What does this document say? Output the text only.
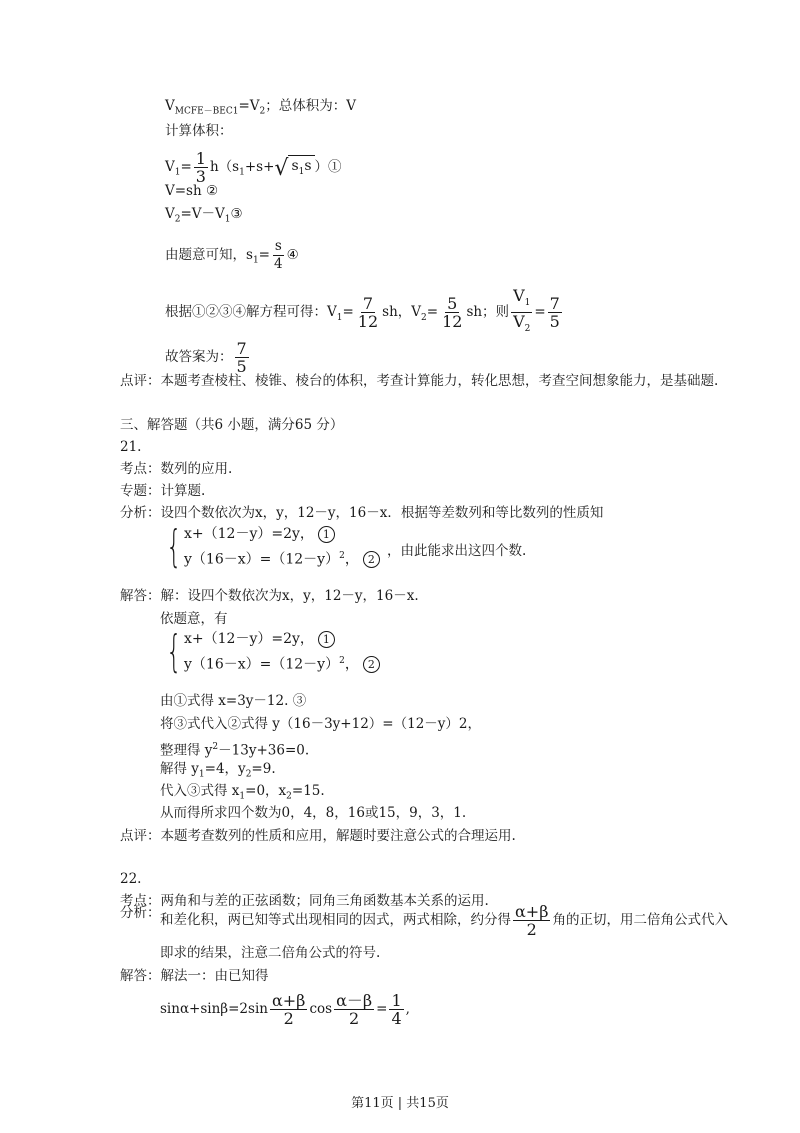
$V_{MCFE-BEC1}=V_2$；总体积为：V
计算体积：
$V_1= \frac{1}{3} h(s_1+s+$ √ $s_1s$ ）①
V=sh ②
$V_2=V-V_1③$
由题意可知，$s_1= \frac{s}{4}$ ④
根据①②③④解方程可得：$V_1= \frac{7}{12}$ sh，$V_2= \frac{5}{12}$ sh；则 $\frac{V_1}{V_2} = \frac{7}{5}$
故答案为： $\frac{7}{5}$
点评：本题考查棱柱、棱锥、棱台的体积，考查计算能力，转化思想，考查空间想象能力，是基础题.
三、解答题（共6 小题，满分65 分）
21.
考点：数列的应用.
专题：计算题.
分析：设四个数依次为x，y，12－y，16－x．根据等差数列和等比数列的性质知
{ x+（12－y）=2y， 1
$y(16-x)=(12-y)^2$， 2
，由此能求出这四个数.
解答：解：设四个数依次为x，y，12－y，16－x.
依题意，有
{ x+（12－y）=2y， 1
$y(16-x)=(12-y)^2$， 2
由①式得 x=3y－12. ③
将③式代入②式得 y（16－3y+12）=（12－y）2，
整理得 $y^2-13y+36=0$.
解得 $y_1=4$，$y_2=9$.
代入③式得 $x_1=0$，$x_2=15$.
从而得所求四个数为0，4，8，16或15，9，3，1.
点评：本题考查数列的性质和应用，解题时要注意公式的合理运用.
22.
考点：两角和与差的正弦函数；同角三角函数基本关系的运用.
分析： 和差化积，两已知等式出现相同的因式，两式相除，约分得 $\frac{\alpha+\beta}{2}$ 角的正切，用二倍角公式代入
即求的结果，注意二倍角公式的符号.
解答：解法一：由已知得
$\sin\alpha+\sin\beta=2\sin \frac{\alpha+\beta}{2}$ $\cos \frac{\alpha-\beta}{2} = \frac{1}{4}$ ,
第11页 | 共15页
